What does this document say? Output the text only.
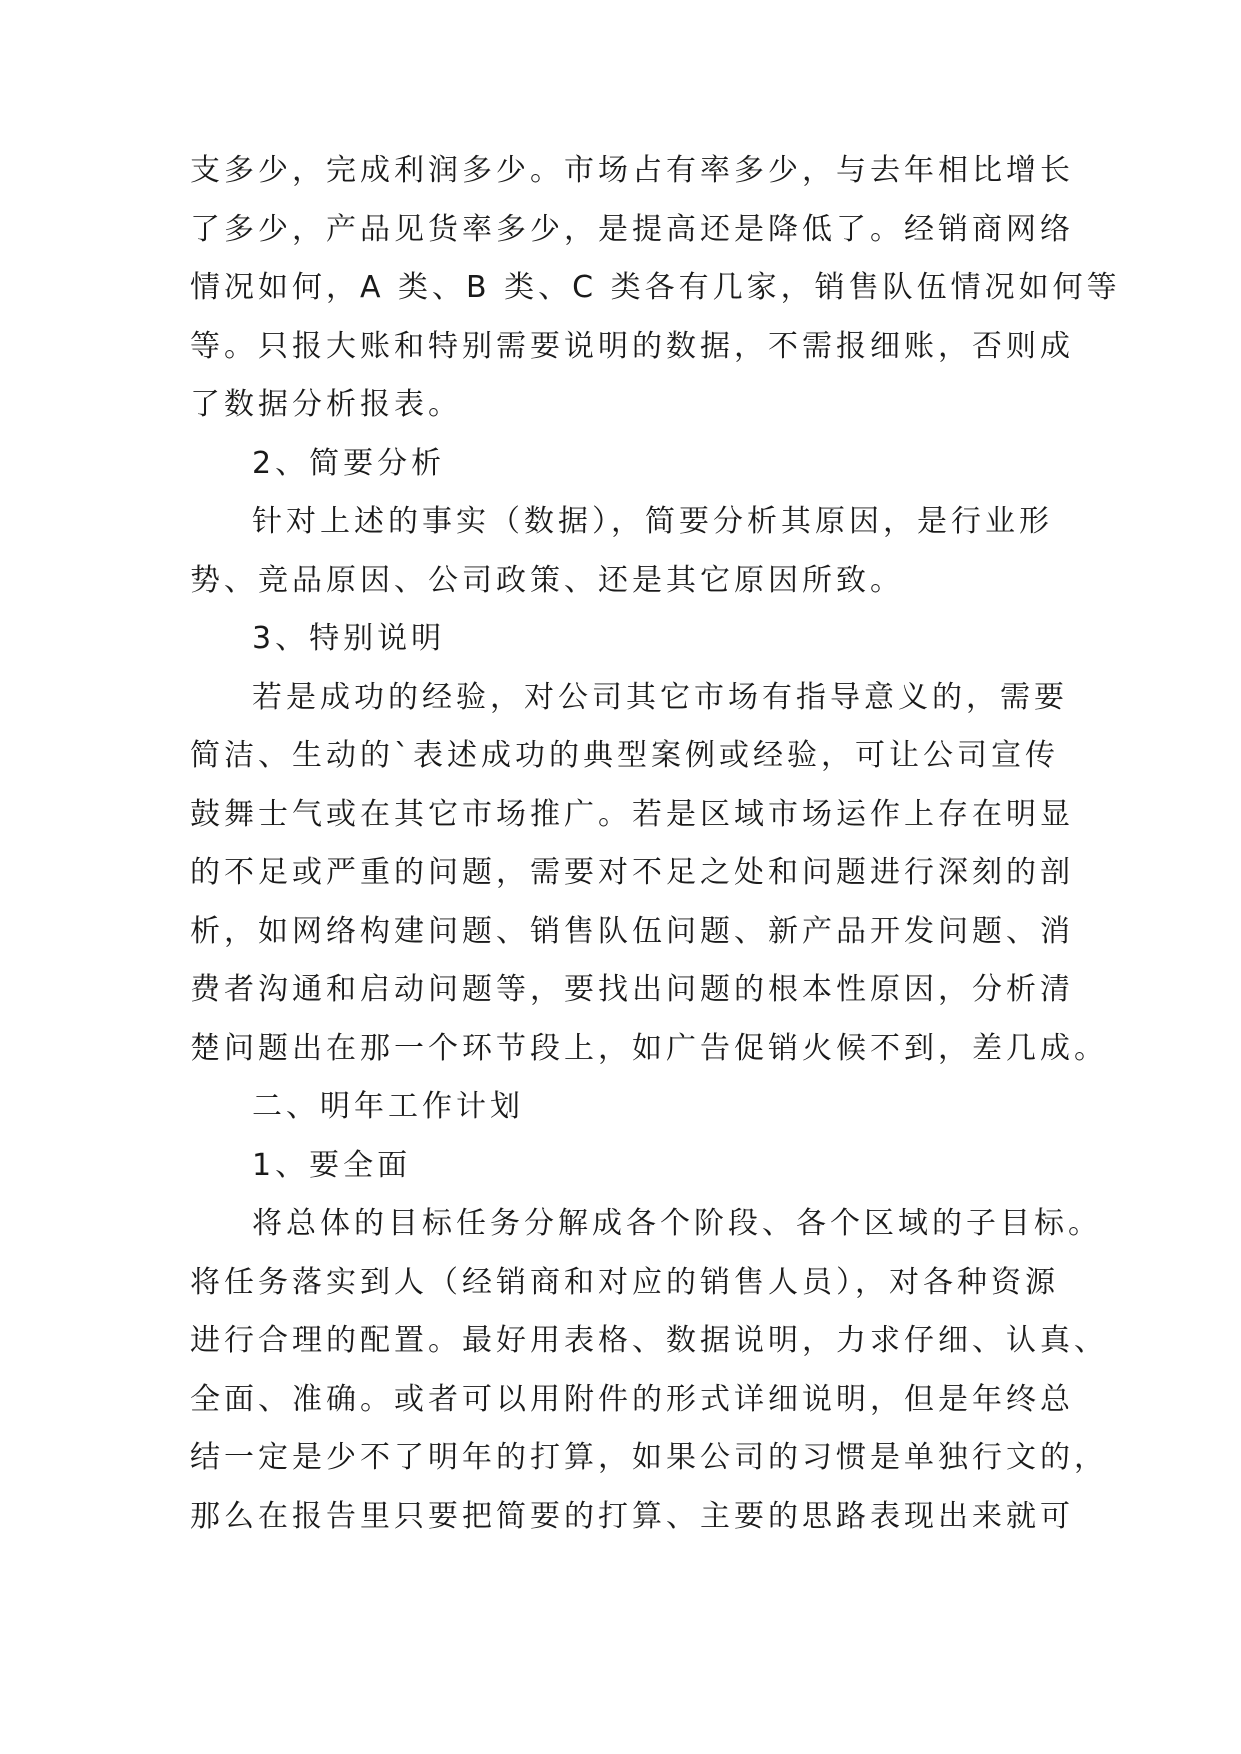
支多少，完成利润多少。市场占有率多少，与去年相比增长
了多少，产品见货率多少，是提高还是降低了。经销商网络
情况如何，A 类、B 类、C 类各有几家，销售队伍情况如何等
等。只报大账和特别需要说明的数据，不需报细账，否则成
了数据分析报表。
2、简要分析
针对上述的事实（数据），简要分析其原因，是行业形
势、竞品原因、公司政策、还是其它原因所致。
3、特别说明
若是成功的经验，对公司其它市场有指导意义的，需要
简洁、生动的`表述成功的典型案例或经验，可让公司宣传
鼓舞士气或在其它市场推广。若是区域市场运作上存在明显
的不足或严重的问题，需要对不足之处和问题进行深刻的剖
析，如网络构建问题、销售队伍问题、新产品开发问题、消
费者沟通和启动问题等，要找出问题的根本性原因，分析清
楚问题出在那一个环节段上，如广告促销火候不到，差几成。
二、明年工作计划
1、要全面
将总体的目标任务分解成各个阶段、各个区域的子目标。
将任务落实到人（经销商和对应的销售人员），对各种资源
进行合理的配置。最好用表格、数据说明，力求仔细、认真、
全面、准确。或者可以用附件的形式详细说明，但是年终总
结一定是少不了明年的打算，如果公司的习惯是单独行文的，
那么在报告里只要把简要的打算、主要的思路表现出来就可
